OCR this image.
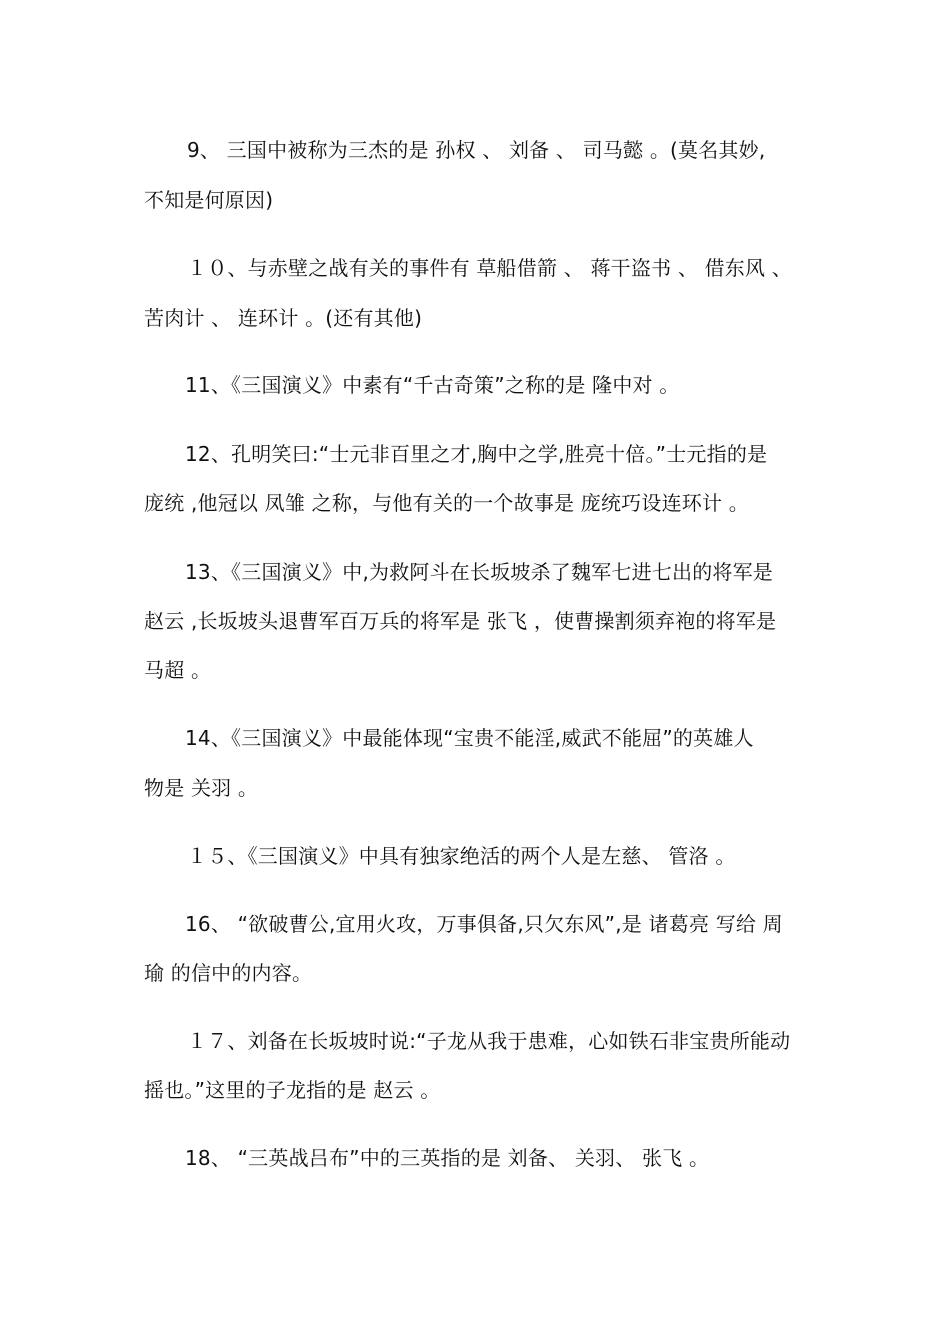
9、 三国中被称为三杰的是 孙权 、 刘备 、 司马懿 。(莫名其妙,
不知是何原因)
１０、与赤壁之战有关的事件有 草船借箭 、 蒋干盗书 、 借东风 、
苦肉计 、 连环计 。(还有其他)
11、《三国演义》中素有“千古奇策”之称的是 隆中对 。
12、孔明笑曰:“士元非百里之才,胸中之学,胜亮十倍。”士元指的是
庞统 ,他冠以 凤雏 之称，与他有关的一个故事是 庞统巧设连环计 。
13、《三国演义》中,为救阿斗在长坂坡杀了魏军七进七出的将军是
赵云 ,长坂坡头退曹军百万兵的将军是 张飞 ，使曹操割须弃袍的将军是
马超 。
14、《三国演义》中最能体现“宝贵不能淫,威武不能屈”的英雄人
物是 关羽 。
１５、《三国演义》中具有独家绝活的两个人是左慈、 管洛 。
16、 “欲破曹公,宜用火攻，万事俱备,只欠东风”,是 诸葛亮 写给 周
瑜 的信中的内容。
１７、刘备在长坂坡时说:“子龙从我于患难，心如铁石非宝贵所能动
摇也。”这里的子龙指的是 赵云 。
18、 “三英战吕布”中的三英指的是 刘备、 关羽、 张飞 。
